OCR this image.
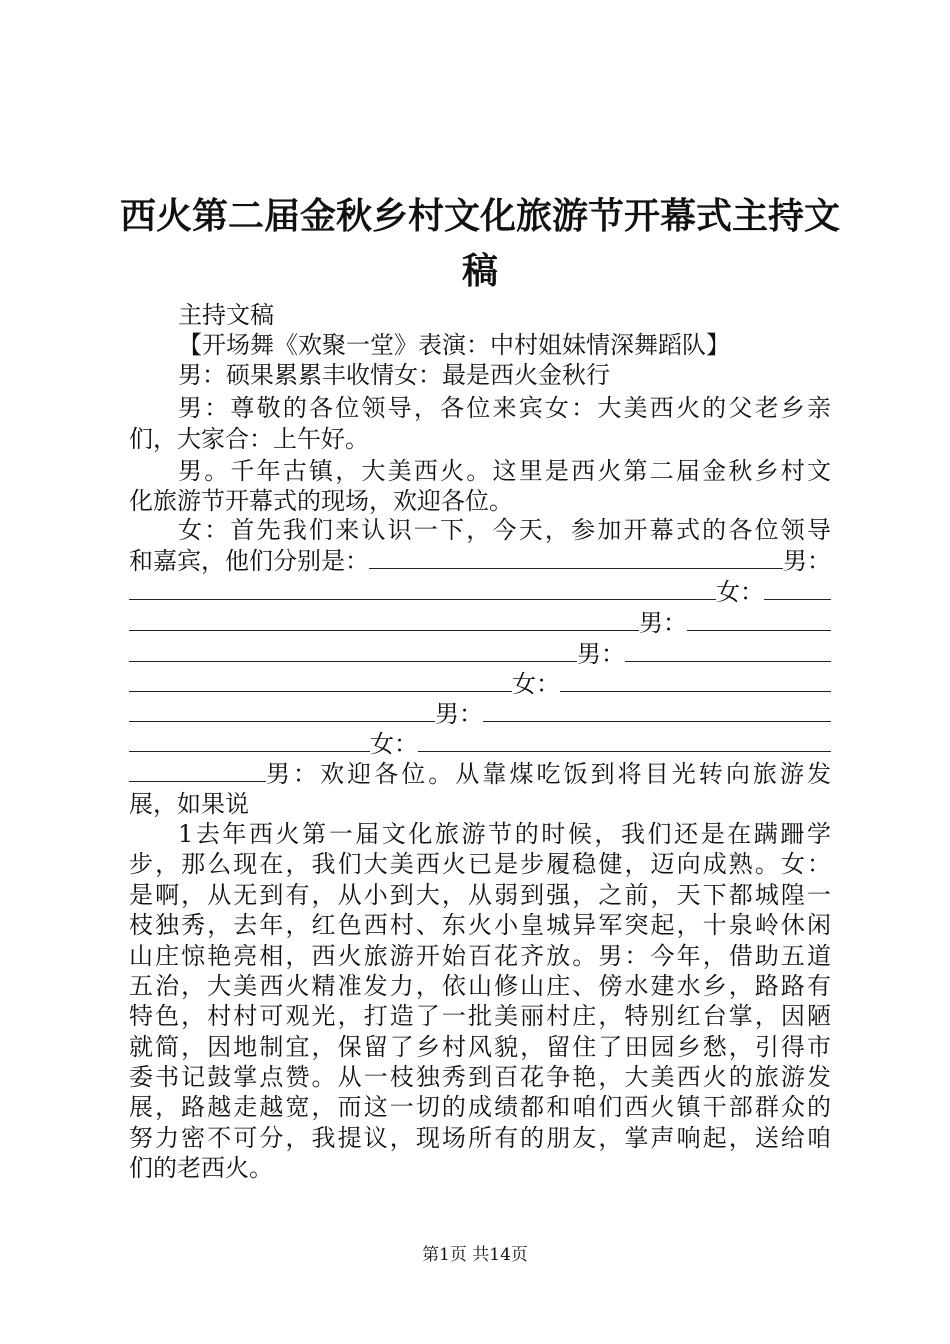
西火第二届金秋乡村文化旅游节开幕式主持文
稿
主持文稿
【开场舞《欢聚一堂》表演：中村姐妹情深舞蹈队】
男：硕果累累丰收情女：最是西火金秋行
男：尊敬的各位领导，各位来宾女：大美西火的父老乡亲
们，大家合：上午好。
男。千年古镇，大美西火。这里是西火第二届金秋乡村文
化旅游节开幕式的现场，欢迎各位。
女：首先我们来认识一下，今天，参加开幕式的各位领导
和嘉宾，他们分别是：	男：
女：
男：
男：
女：
男：
女：
男：欢迎各位。从靠煤吃饭到将目光转向旅游发
展，如果说
1去年西火第一届文化旅游节的时候，我们还是在蹒跚学
步，那么现在，我们大美西火已是步履稳健，迈向成熟。女：
是啊，从无到有，从小到大，从弱到强，之前，天下都城隍一
枝独秀，去年，红色西村、东火小皇城异军突起，十泉岭休闲
山庄惊艳亮相，西火旅游开始百花齐放。男：今年，借助五道
五治，大美西火精准发力，依山修山庄、傍水建水乡，路路有
特色，村村可观光，打造了一批美丽村庄，特别红台掌，因陋
就简，因地制宜，保留了乡村风貌，留住了田园乡愁，引得市
委书记鼓掌点赞。从一枝独秀到百花争艳，大美西火的旅游发
展，路越走越宽，而这一切的成绩都和咱们西火镇干部群众的
努力密不可分，我提议，现场所有的朋友，掌声响起，送给咱
们的老西火。
第1页 共14页
